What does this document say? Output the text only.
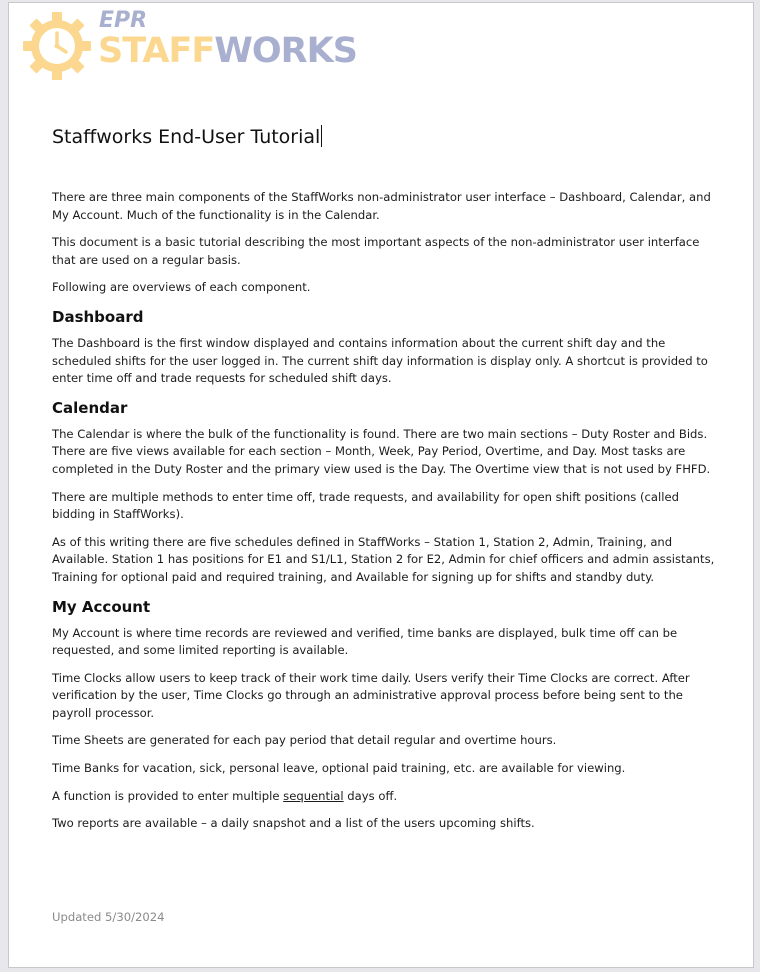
EPR
STAFFWORKS
Staffworks End-User Tutorial

There are three main components of the StaffWorks non-administrator user interface – Dashboard, Calendar, and My Account. Much of the functionality is in the Calendar.

This document is a basic tutorial describing the most important aspects of the non-administrator user interface that are used on a regular basis.

Following are overviews of each component.

Dashboard

The Dashboard is the first window displayed and contains information about the current shift day and the scheduled shifts for the user logged in. The current shift day information is display only. A shortcut is provided to enter time off and trade requests for scheduled shift days.

Calendar

The Calendar is where the bulk of the functionality is found. There are two main sections – Duty Roster and Bids. There are five views available for each section – Month, Week, Pay Period, Overtime, and Day. Most tasks are completed in the Duty Roster and the primary view used is the Day. The Overtime view that is not used by FHFD.

There are multiple methods to enter time off, trade requests, and availability for open shift positions (called bidding in StaffWorks).

As of this writing there are five schedules defined in StaffWorks – Station 1, Station 2, Admin, Training, and Available. Station 1 has positions for E1 and S1/L1, Station 2 for E2, Admin for chief officers and admin assistants, Training for optional paid and required training, and Available for signing up for shifts and standby duty.

My Account

My Account is where time records are reviewed and verified, time banks are displayed, bulk time off can be requested, and some limited reporting is available.

Time Clocks allow users to keep track of their work time daily. Users verify their Time Clocks are correct. After verification by the user, Time Clocks go through an administrative approval process before being sent to the payroll processor.

Time Sheets are generated for each pay period that detail regular and overtime hours.

Time Banks for vacation, sick, personal leave, optional paid training, etc. are available for viewing.

A function is provided to enter multiple sequential days off.

Two reports are available – a daily snapshot and a list of the users upcoming shifts.

Updated 5/30/2024
